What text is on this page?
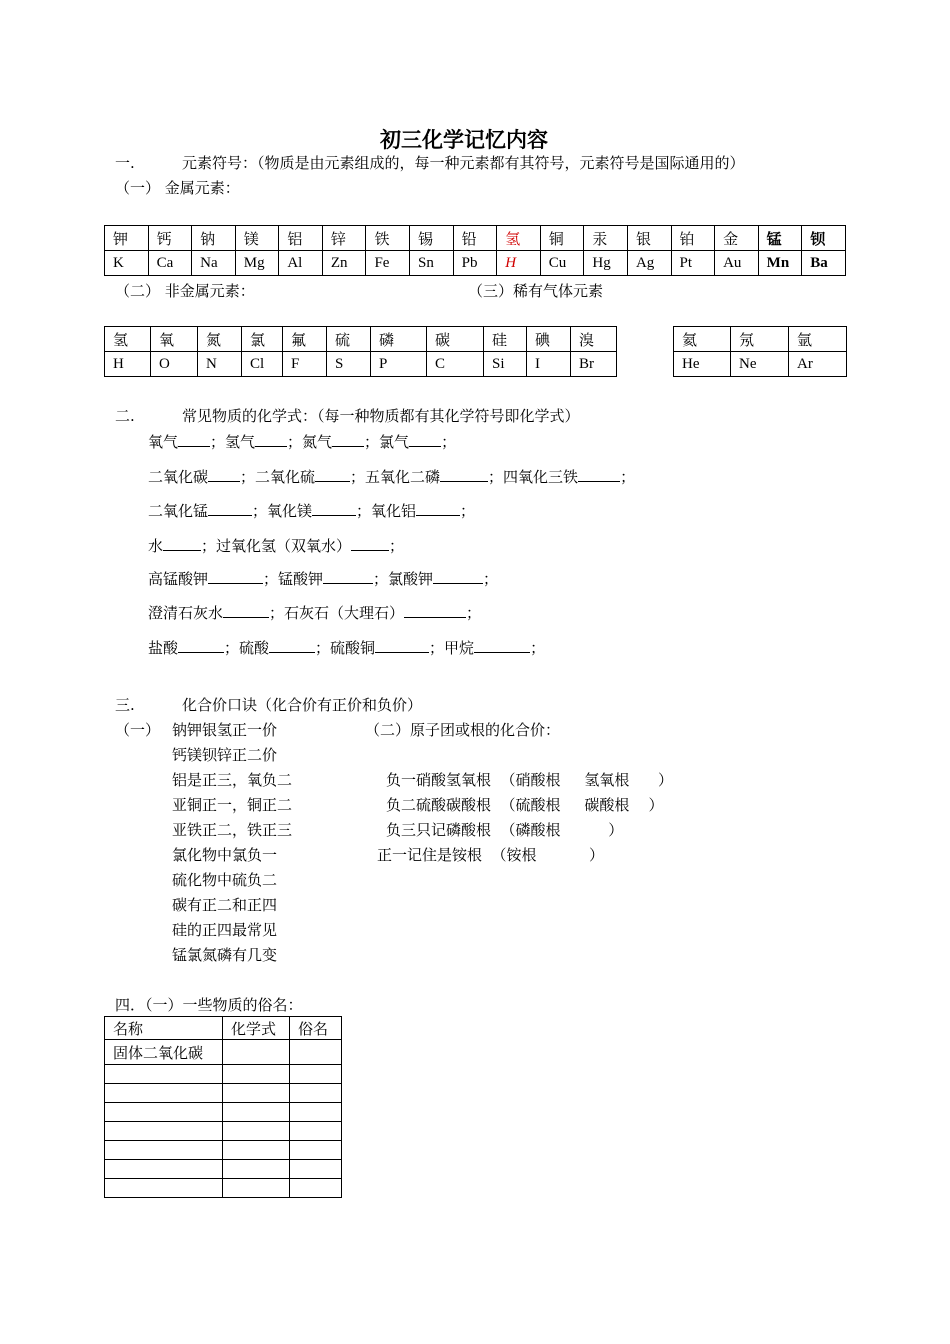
初三化学记忆内容
一.	元素符号：（物质是由元素组成的，每一种元素都有其符号，元素符号是国际通用的）
（一） 金属元素：
钾	钙	钠	镁	铝	锌	铁	锡	铅	氢	铜	汞	银	铂	金	锰	钡
K	Ca	Na	Mg	Al	Zn	Fe	Sn	Pb	H	Cu	Hg	Ag	Pt	Au	Mn	Ba
（二） 非金属元素：	（三）稀有气体元素
氢	氧	氮	氯	氟	硫	磷	碳	硅	碘	溴
H	O	N	Cl	F	S	P	C	Si	I	Br
氦	氖	氩
He	Ne	Ar
二.	常见物质的化学式：（每一种物质都有其化学符号即化学式）
氧气 ；氢气 ；氮气 ；氯气 ；
二氧化碳 ；二氧化硫 ；五氧化二磷	；四氧化三铁	；
二氧化锰	；氧化镁	；氧化铝	；
水	；过氧化氢（双氧水）	；
高锰酸钾	；锰酸钾	；氯酸钾	；
澄清石灰水	；石灰石（大理石）	；
盐酸	；硫酸	；硫酸铜	；甲烷	；
三.	化合价口诀（化合价有正价和负价）
（一） 钠钾银氢正一价
钙镁钡锌正二价
铝是正三，氧负二
亚铜正一，铜正二
亚铁正二，铁正三
氯化物中氯负一
硫化物中硫负二
碳有正二和正四
硅的正四最常见
锰氯氮磷有几变
（二）原子团或根的化合价：
负一硝酸氢氧根  （硝酸根     氢氧根      ）
负二硫酸碳酸根  （硫酸根     碳酸根    ）
负三只记磷酸根  （磷酸根          ）
正一记住是铵根  （铵根           ）
四．（一）一些物质的俗名：
名称	化学式	俗名
固体二氧化碳		
